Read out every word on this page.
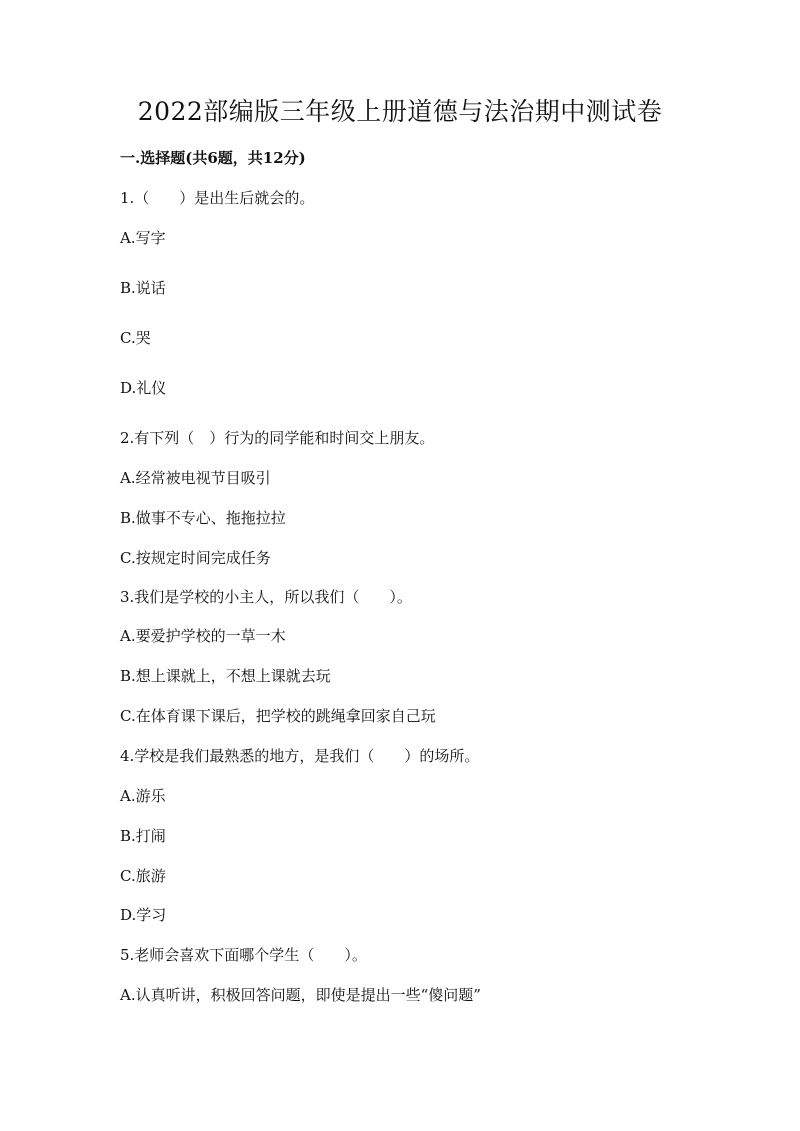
2022部编版三年级上册道德与法治期中测试卷
一.选择题(共6题，共12分)
1.（　　）是出生后就会的。
A.写字
B.说话
C.哭
D.礼仪
2.有下列（　）行为的同学能和时间交上朋友。
A.经常被电视节目吸引
B.做事不专心、拖拖拉拉
C.按规定时间完成任务
3.我们是学校的小主人，所以我们（　　）。
A.要爱护学校的一草一木
B.想上课就上，不想上课就去玩
C.在体育课下课后，把学校的跳绳拿回家自己玩
4.学校是我们最熟悉的地方，是我们（　　）的场所。
A.游乐
B.打闹
C.旅游
D.学习
5.老师会喜欢下面哪个学生（　　）。
A.认真听讲，积极回答问题，即使是提出一些“傻问题”
